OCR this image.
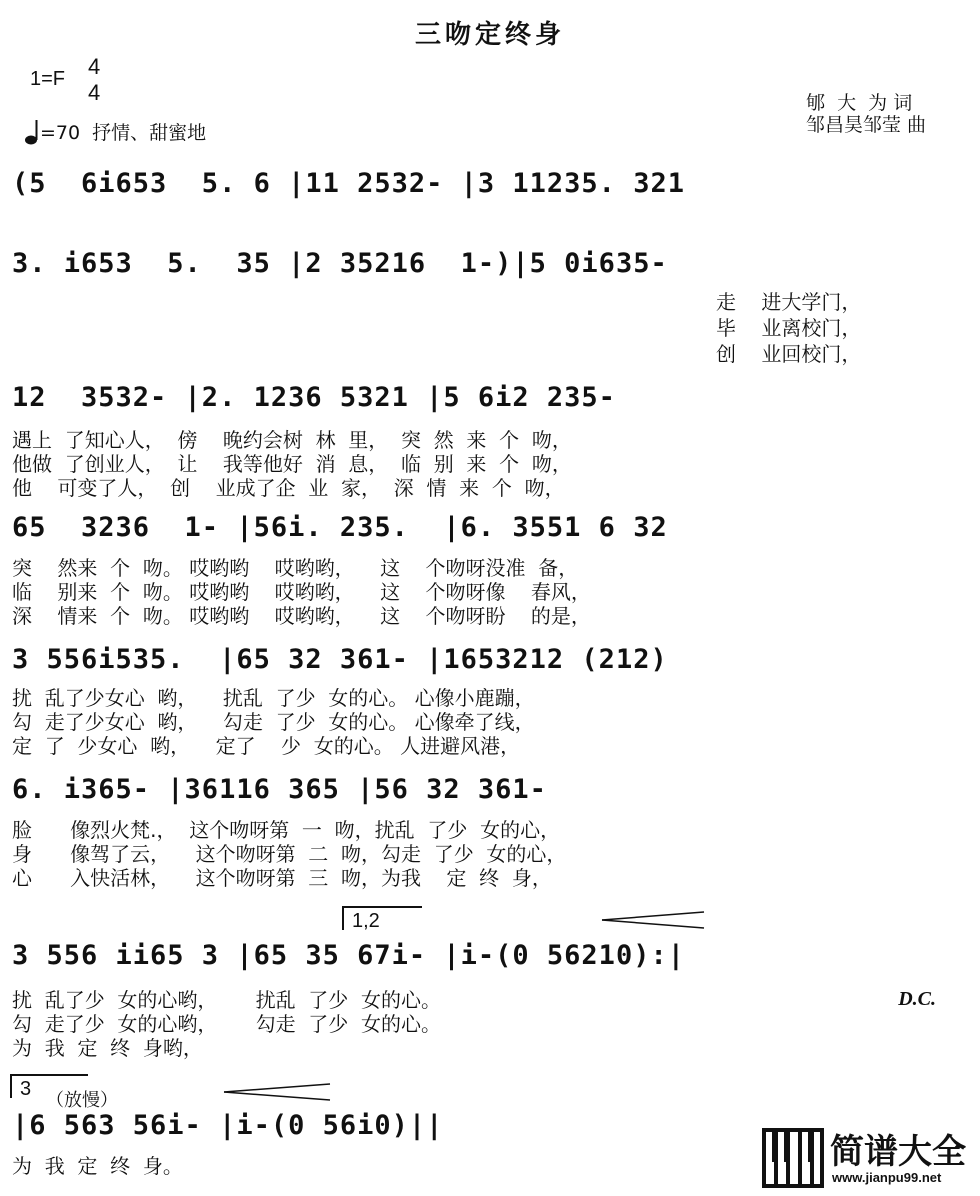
三吻定终身
1=F 4
4
=70  抒情、甜蜜地
郇  大  为 词
邹昌昊邹莹 曲
(5  6i653  5. 6 |11 2532- |3 11235. 321
3. i653  5.  35 |2 35216  1-)|5 0i635-
走    进大学门，
毕    业离校门，
创    业回校门，
12  3532- |2. 1236 5321 |5 6i2 235-
遇上  了知心人，  傍    晚约会树  林  里，  突  然  来  个  吻，
他做  了创业人，  让    我等他好  消  息，  临  别  来  个  吻，
他    可变了人，  创    业成了企  业  家，  深  情  来  个  吻，
65  3236  1- |56i. 235.  |6. 3551 6 32
突    然来  个  吻。 哎哟哟    哎哟哟，    这    个吻呀没准  备，
临    别来  个  吻。 哎哟哟    哎哟哟，    这    个吻呀像    春风，
深    情来  个  吻。 哎哟哟    哎哟哟，    这    个吻呀盼    的是，
3 556i535.  |65 32 361- |1653212 (212)
扰  乱了少女心  哟，    扰乱  了少  女的心。 心像小鹿蹦，
勾  走了少女心  哟，    勾走  了少  女的心。 心像牵了线，
定  了  少女心  哟，    定了    少  女的心。 人进避风港，
6. i365- |36116 365 |56 32 361-
脸      像烈火梵.，  这个吻呀第  一  吻，扰乱  了少  女的心，
身      像驾了云，    这个吻呀第  二  吻，勾走  了少  女的心，
心      入快活林，    这个吻呀第  三  吻，为我    定  终  身，
1,2
3 556 ii65 3 |65 35 67i- |i-(0 56210):|
扰  乱了少  女的心哟，      扰乱  了少  女的心。
勾  走了少  女的心哟，      勾走  了少  女的心。
为  我  定  终  身哟，
D.C.
3
（放慢）
|6 563 56i- |i-(0 56i0)||
为  我  定  终  身。	简谱大全
www.jianpu99.net
